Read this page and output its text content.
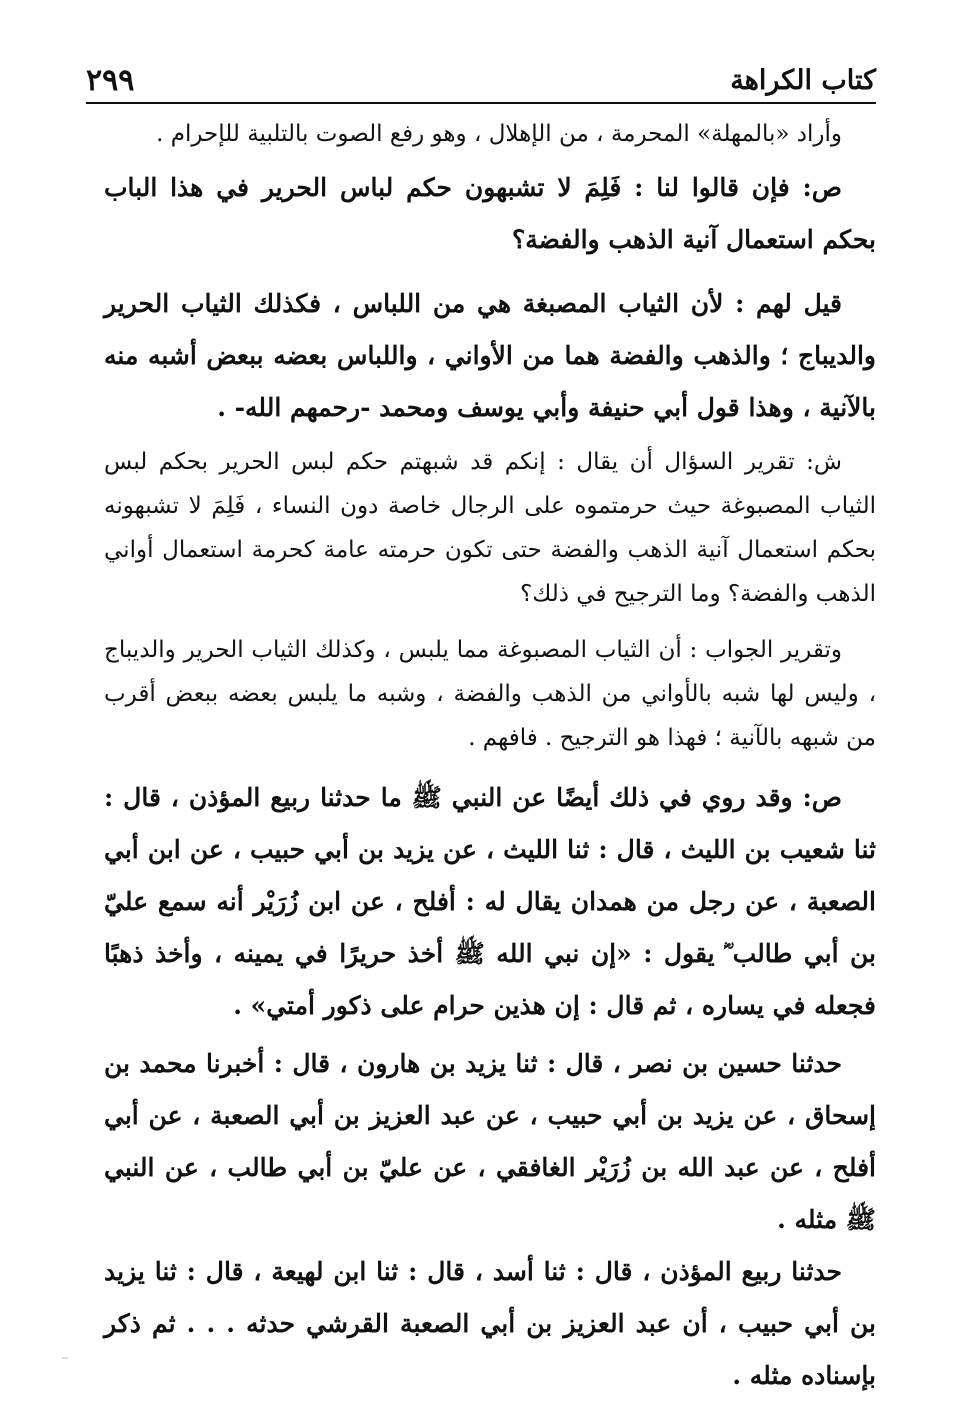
كتاب الكراهة
٢٩٩

وأراد «بالمهلة» المحرمة ، من الإهلال ، وهو رفع الصوت بالتلبية للإحرام .

ص: فإن قالوا لنا : فَلِمَ لا تشبهون حكم لباس الحرير في هذا الباب بحكم استعمال آنية الذهب والفضة؟

قيل لهم : لأن الثياب المصبغة هي من اللباس ، فكذلك الثياب الحرير والديباج ؛ والذهب والفضة هما من الأواني ، واللباس بعضه ببعض أشبه منه بالآنية ، وهذا قول أبي حنيفة وأبي يوسف ومحمد -رحمهم الله- .

ش: تقرير السؤال أن يقال : إنكم قد شبهتم حكم لبس الحرير بحكم لبس الثياب المصبوغة حيث حرمتموه على الرجال خاصة دون النساء ، فَلِمَ لا تشبهونه بحكم استعمال آنية الذهب والفضة حتى تكون حرمته عامة كحرمة استعمال أواني الذهب والفضة؟ وما الترجيح في ذلك؟

وتقرير الجواب : أن الثياب المصبوغة مما يلبس ، وكذلك الثياب الحرير والديباج ، وليس لها شبه بالأواني من الذهب والفضة ، وشبه ما يلبس بعضه ببعض أقرب من شبهه بالآنية ؛ فهذا هو الترجيح . فافهم .

ص: وقد روي في ذلك أيضًا عن النبي ﷺ ما حدثنا ربيع المؤذن ، قال : ثنا شعيب بن الليث ، قال : ثنا الليث ، عن يزيد بن أبي حبيب ، عن ابن أبي الصعبة ، عن رجل من همدان يقال له : أفلح ، عن ابن زُرَيْر أنه سمع عليّ بن أبي طالب ؓ يقول : «إن نبي الله ﷺ أخذ حريرًا في يمينه ، وأخذ ذهبًا فجعله في يساره ، ثم قال : إن هذين حرام على ذكور أمتي» .

حدثنا حسين بن نصر ، قال : ثنا يزيد بن هارون ، قال : أخبرنا محمد بن إسحاق ، عن يزيد بن أبي حبيب ، عن عبد العزيز بن أبي الصعبة ، عن أبي أفلح ، عن عبد الله بن زُرَيْر الغافقي ، عن عليّ بن أبي طالب ، عن النبي ﷺ مثله .

حدثنا ربيع المؤذن ، قال : ثنا أسد ، قال : ثنا ابن لهيعة ، قال : ثنا يزيد بن أبي حبيب ، أن عبد العزيز بن أبي الصعبة القرشي حدثه . . . ثم ذكر بإسناده مثله .
